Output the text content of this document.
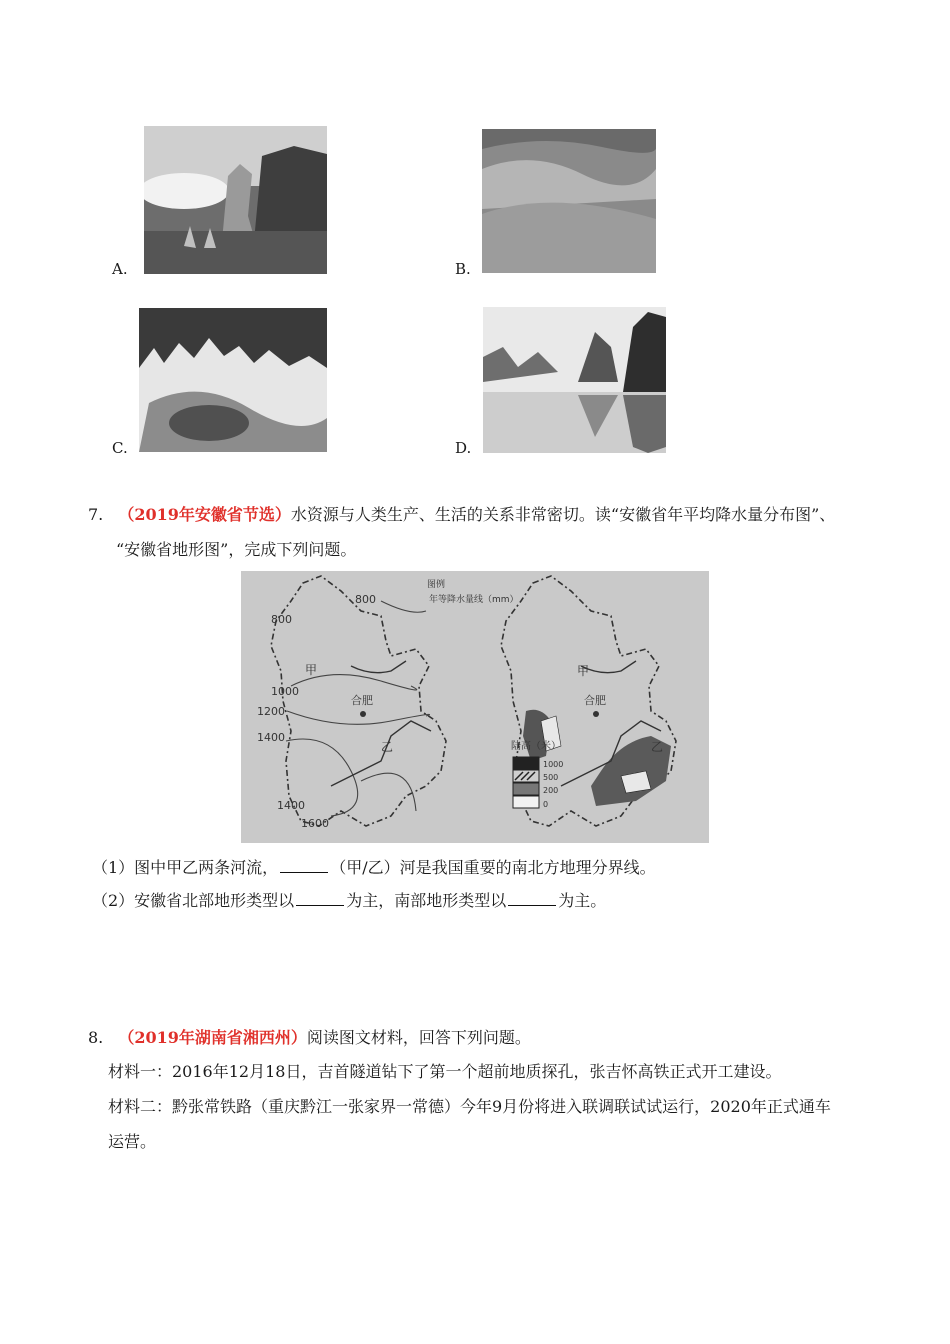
A.	B.
C.	D.
7. （2019年安徽省节选）水资源与人类生产、生活的关系非常密切。读“安徽省年平均降水量分布图”、
“安徽省地形图”，完成下列问题。
800
800
1000
1200
1400
1400
1600
甲
乙
合肥
图例
年等降水量线（mm）
甲
乙
合肥
陆高（米）
1000
500
200
0
（1）图中甲乙两条河流，	（甲/乙）河是我国重要的南北方地理分界线。
（2）安徽省北部地形类型以	为主，南部地形类型以	为主。
8. （2019年湖南省湘西州）阅读图文材料，回答下列问题。
材料一：2016年12月18日，吉首隧道钻下了第一个超前地质探孔，张吉怀高铁正式开工建设。
材料二：黔张常铁路（重庆黔江一张家界一常德）今年9月份将进入联调联试试运行，2020年正式通车
运营。
